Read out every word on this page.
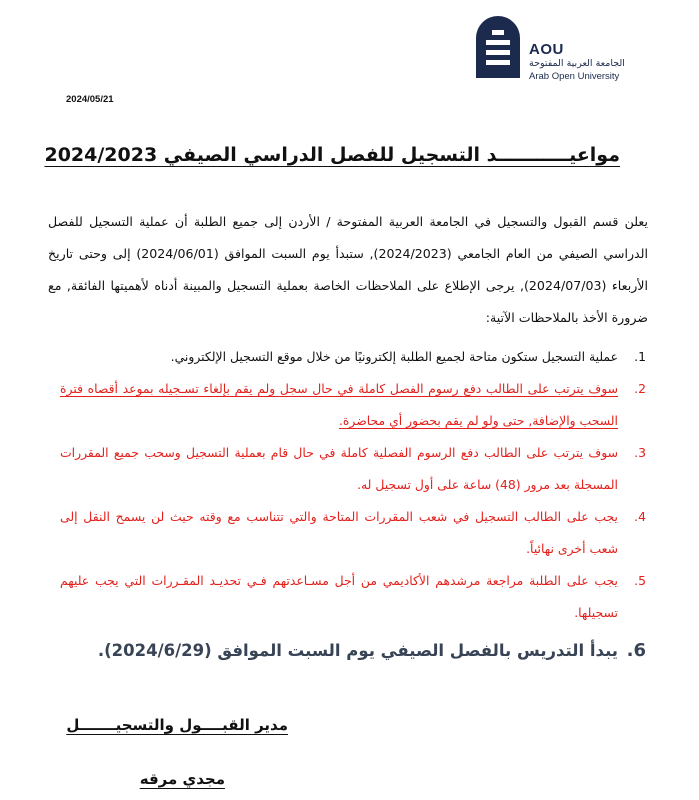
AOU
الجامعة العربية المفتوحة
Arab Open University
2024/05/21
مواعيـــــــــــد التسجيل للفصل الدراسي الصيفي 2024/2023
يعلن قسم القبول والتسجيل في الجامعة العربية المفتوحة / الأردن إلى جميع الطلبة أن عملية التسجيل للفصل الدراسي الصيفي من العام الجامعي (2024/2023), ستبدأ يوم السبت الموافق (2024/06/01) إلى وحتى تاريخ الأربعاء (2024/07/03), يرجى الإطلاع على الملاحظات الخاصة بعملية التسجيل والمبينة أدناه لأهميتها الفائقة, مع ضرورة الأخذ بالملاحظات الآتية:
1.
عملية التسجيل ستكون متاحة لجميع الطلبة إلكترونيًا من خلال موقع التسجيل الإلكتروني.
2.
سوف يترتب على الطالب دفع رسوم الفصل كاملة في حال سجل ولم يقم بإلغاء تسـجيله بموعد أقصاه فترة السحب والإضافة, حتى ولو لم يقم بحضور أي محاضرة.
3.
سوف يترتب على الطالب دفع الرسوم الفصلية كاملة في حال قام بعملية التسجيل وسحب جميع المقررات المسجلة بعد مرور (48) ساعة على أول تسجيل له.
4.
يجب على الطالب التسجيل في شعب المقررات المتاحة والتي تتناسب مع وقته حيث لن يسمح النقل إلى شعب أخرى نهائياً.
5.
يجب على الطلبة مراجعة مرشدهم الأكاديمي من أجل مسـاعدتهم فـي تحديـد المقـررات التي يجب عليهم تسجيلها.
6.
يبدأ التدريس بالفصل الصيفي يوم السبت الموافق (2024/6/29).
مدير القبــــول والتسجيـــــــل
مجدي مرقه
